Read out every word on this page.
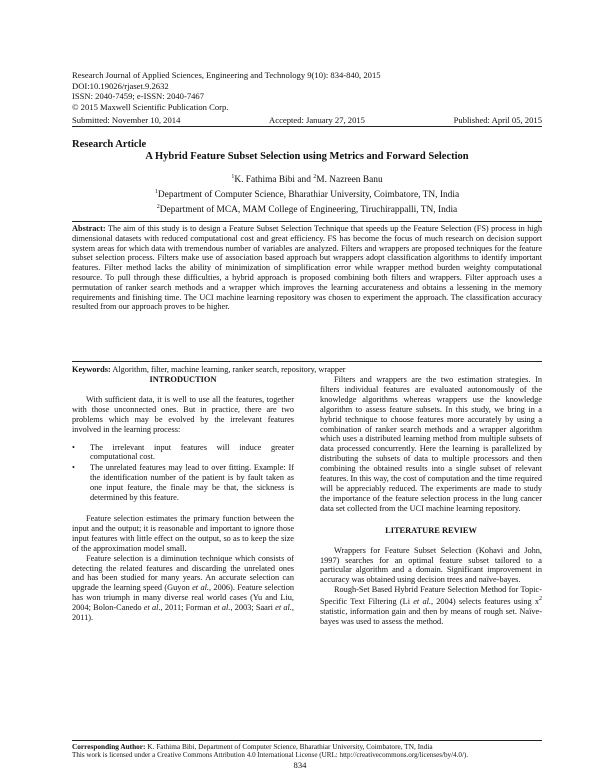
Research Journal of Applied Sciences, Engineering and Technology 9(10): 834-840, 2015
DOI:10.19026/rjaset.9.2632
ISSN: 2040-7459; e-ISSN: 2040-7467
© 2015 Maxwell Scientific Publication Corp.
Submitted: November 10, 2014	Accepted: January 27, 2015	Published: April 05, 2015
Research Article
A Hybrid Feature Subset Selection using Metrics and Forward Selection
$^1$K. Fathima Bibi and $^2$M. Nazreen Banu
$^1$Department of Computer Science, Bharathiar University, Coimbatore, TN, India
$^2$Department of MCA, MAM College of Engineering, Tiruchirappalli, TN, India
Abstract: The aim of this study is to design a Feature Subset Selection Technique that speeds up the Feature Selection (FS) process in high dimensional datasets with reduced computational cost and great efficiency. FS has become the focus of much research on decision support system areas for which data with tremendous number of variables are analyzed. Filters and wrappers are proposed techniques for the feature subset selection process. Filters make use of association based approach but wrappers adopt classification algorithms to identify important features. Filter method lacks the ability of minimization of simplification error while wrapper method burden weighty computational resource. To pull through these difficulties, a hybrid approach is proposed combining both filters and wrappers. Filter approach uses a permutation of ranker search methods and a wrapper which improves the learning accurateness and obtains a lessening in the memory requirements and finishing time. The UCI machine learning repository was chosen to experiment the approach. The classification accuracy resulted from our approach proves to be higher.
Keywords: Algorithm, filter, machine learning, ranker search, repository, wrapper
INTRODUCTION

With sufficient data, it is well to use all the features, together with those unconnected ones. But in practice, there are two problems which may be evolved by the irrelevant features involved in the learning process:

• The irrelevant input features will induce greater computational cost.
• The unrelated features may lead to over fitting. Example: If the identification number of the patient is by fault taken as one input feature, the finale may be that, the sickness is determined by this feature.

Feature selection estimates the primary function between the input and the output; it is reasonable and important to ignore those input features with little effect on the output, so as to keep the size of the approximation model small.

Feature selection is a diminution technique which consists of detecting the related features and discarding the unrelated ones and has been studied for many years. An accurate selection can upgrade the learning speed (Guyon et al., 2006). Feature selection has won triumph in many diverse real world cases (Yu and Liu, 2004; Bolon-Canedo et al., 2011; Forman et al., 2003; Saari et al., 2011).

Filters and wrappers are the two estimation strategies. In filters individual features are evaluated autonomously of the knowledge algorithms whereas wrappers use the knowledge algorithm to assess feature subsets. In this study, we bring in a hybrid technique to choose features more accurately by using a combination of ranker search methods and a wrapper algorithm which uses a distributed learning method from multiple subsets of data processed concurrently. Here the learning is parallelized by distributing the subsets of data to multiple processors and then combining the obtained results into a single subset of relevant features. In this way, the cost of computation and the time required will be appreciably reduced. The experiments are made to study the importance of the feature selection process in the lung cancer data set collected from the UCI machine learning repository.

LITERATURE REVIEW

Wrappers for Feature Subset Selection (Kohavi and John, 1997) searches for an optimal feature subset tailored to a particular algorithm and a domain. Significant improvement in accuracy was obtained using decision trees and naïve-bayes.

Rough-Set Based Hybrid Feature Selection Method for Topic-Specific Text Filtering (Li et al., 2004) selects features using $x^2$ statistic, information gain and then by means of rough set. Naïve-bayes was used to assess the method.

Corresponding Author: K. Fathima Bibi, Department of Computer Science, Bharathiar University, Coimbatore, TN, India
This work is licensed under a Creative Commons Attribution 4.0 International License (URL: http://creativecommons.org/licenses/by/4.0/).
834
